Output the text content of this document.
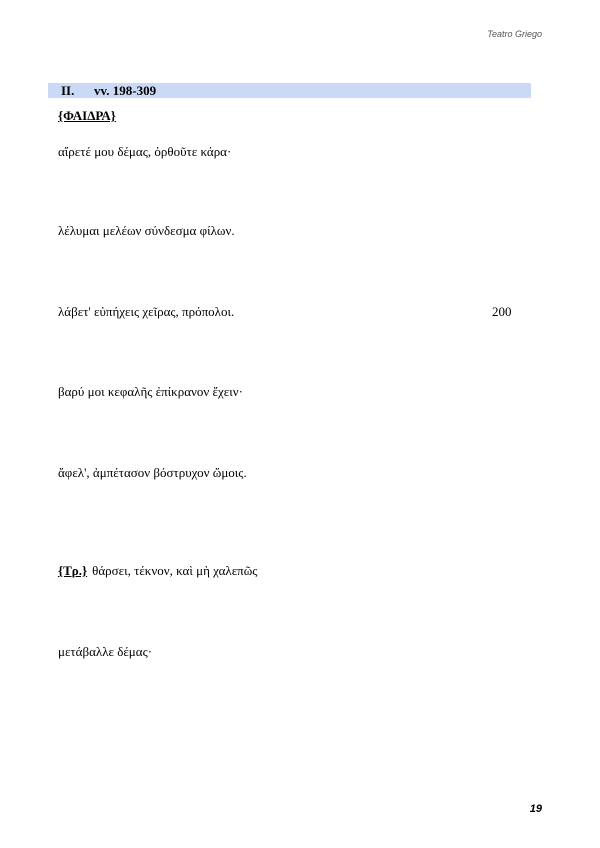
Teatro Griego
II. vv. 198-309
{ΦΑΙΔΡΑ}
αἴρετέ μου δέμας, ὀρθοῦτε κάρα·
λέλυμαι μελέων σύνδεσμα φίλων.
λάβετ' εὐπήχεις χεῖρας, πρόπολοι.	200
βαρύ μοι κεφαλῆς ἐπίκρανον ἔχειν·
ἄφελ', ἀμπέτασον βόστρυχον ὤμοις.
{Τρ.} θάρσει, τέκνον, καὶ μὴ χαλεπῶς
μετάβαλλε δέμας·
19
